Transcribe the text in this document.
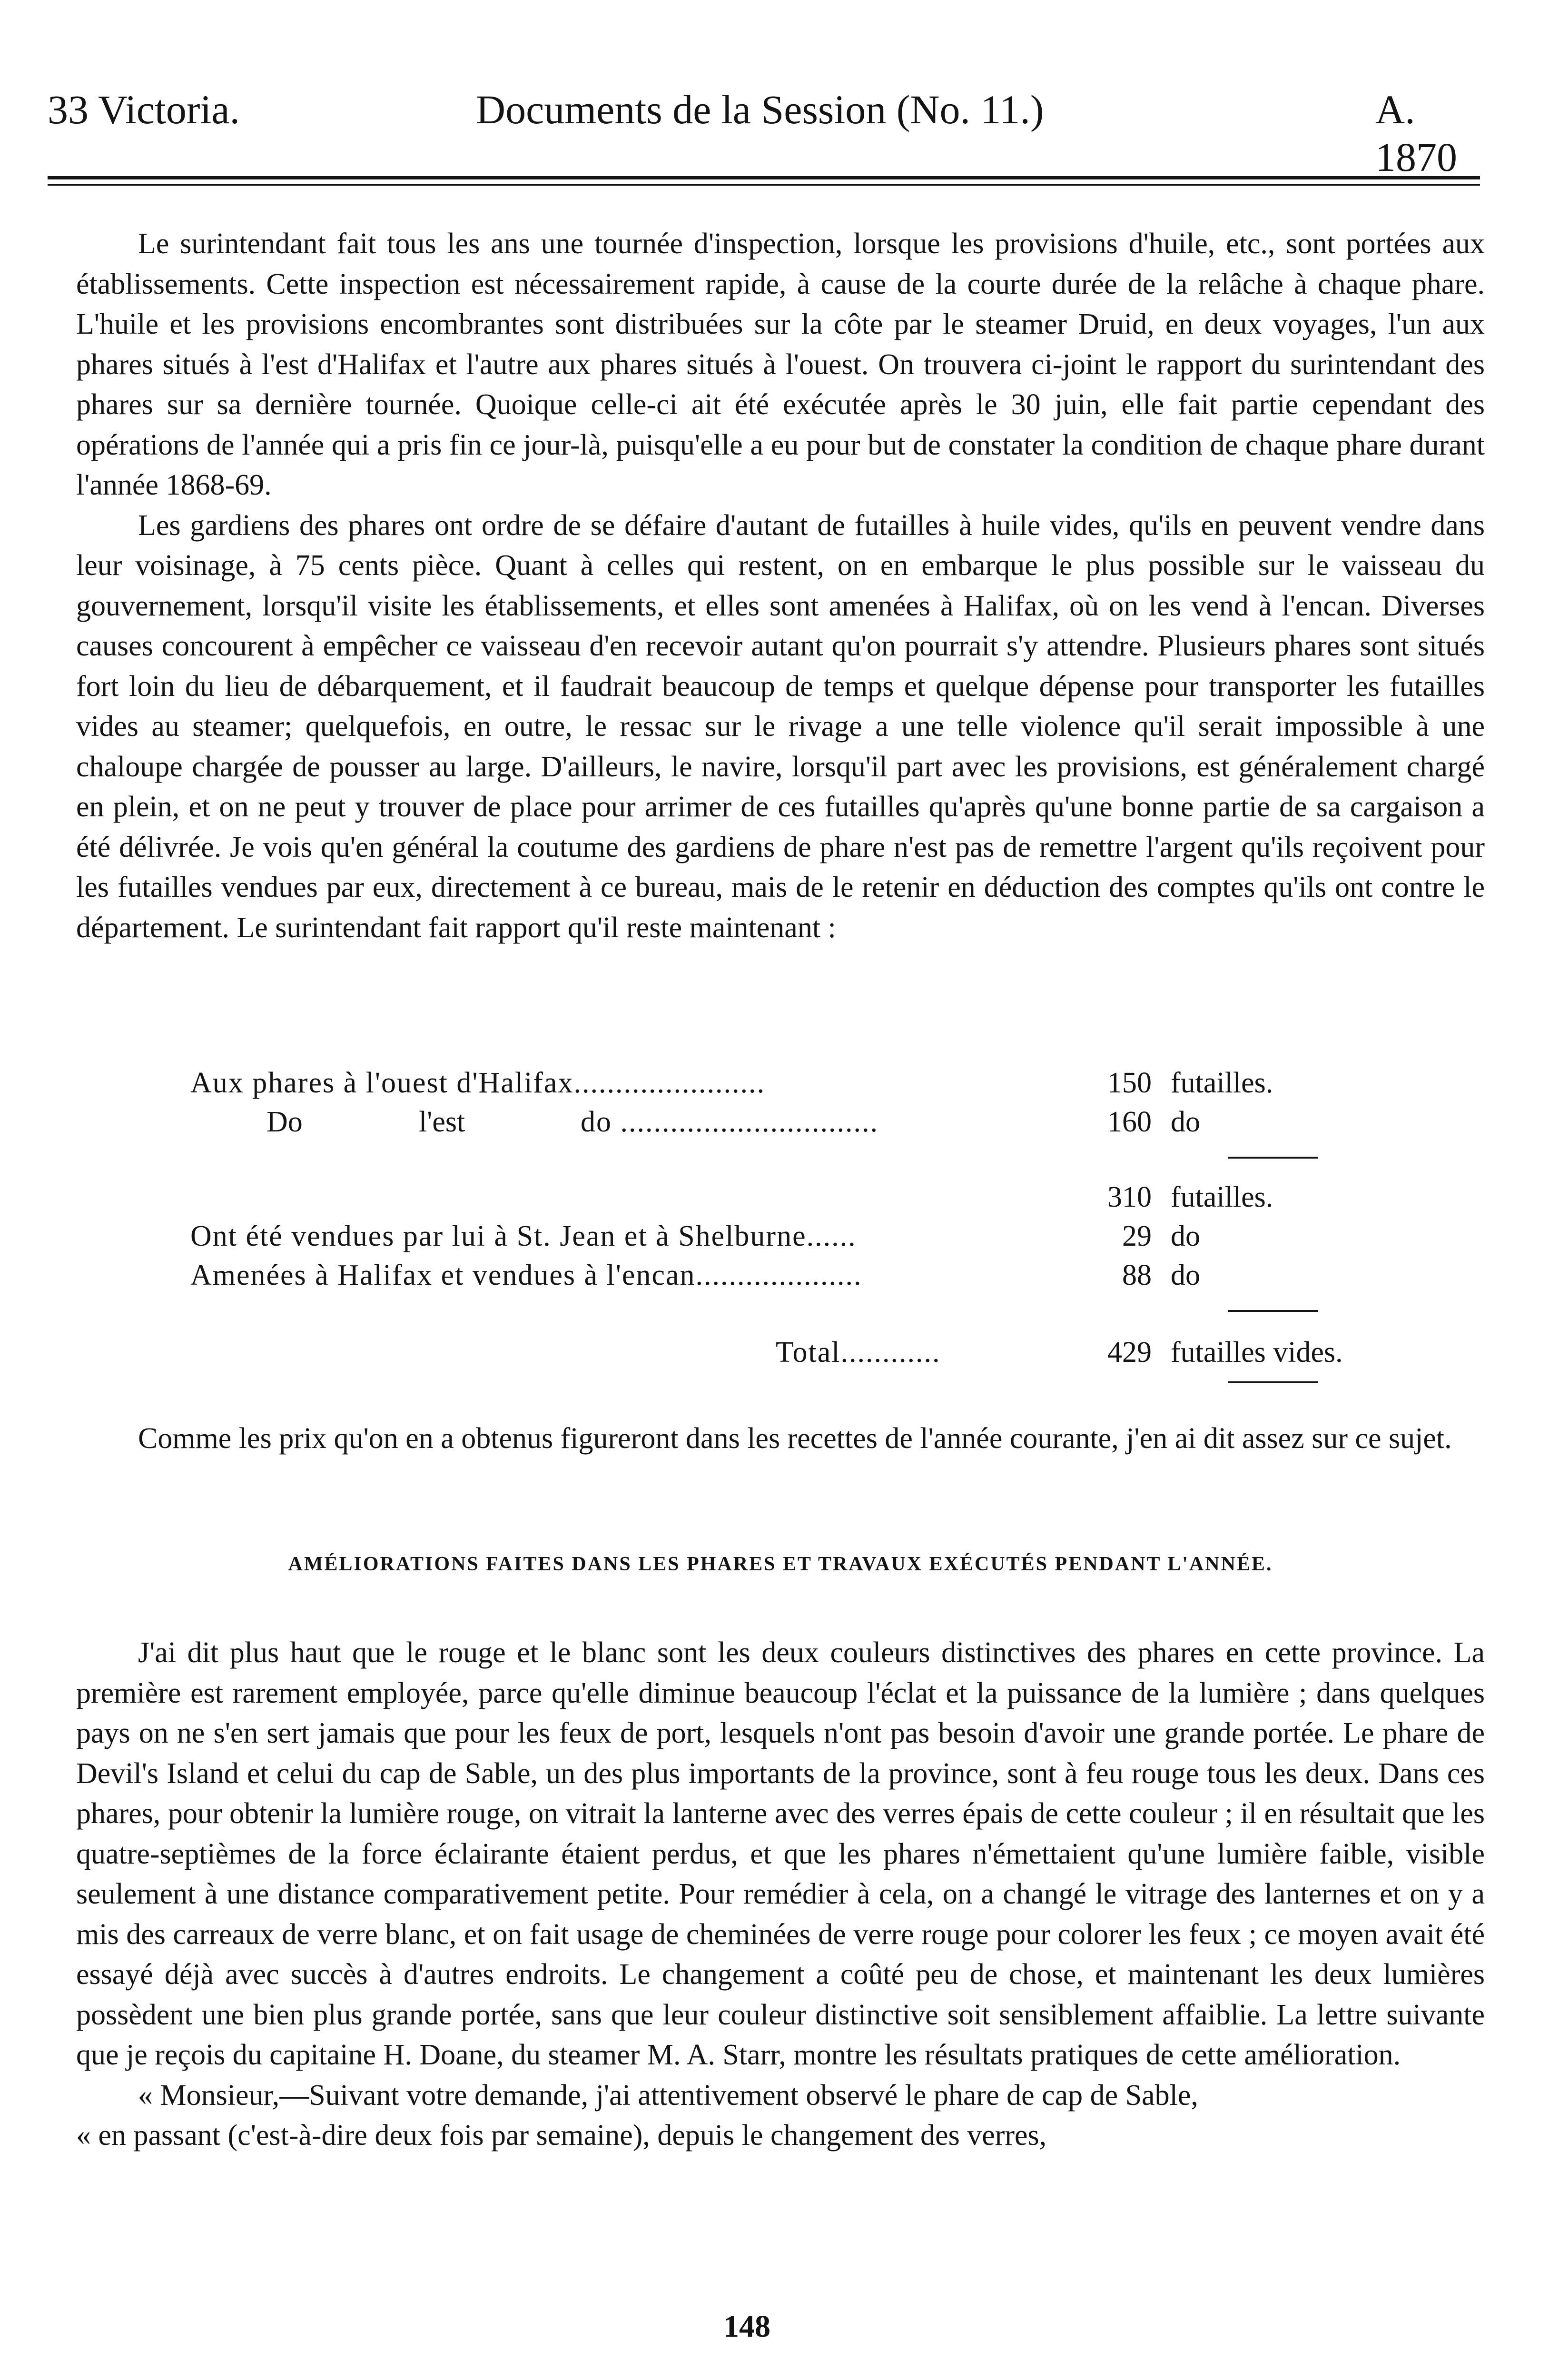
33 Victoria.	Documents de la Session (No. 11.)	A. 1870

Le surintendant fait tous les ans une tournée d'inspection, lorsque les provisions d'huile, etc., sont portées aux établissements. Cette inspection est nécessairement rapide, à cause de la courte durée de la relâche à chaque phare. L'huile et les provisions encombrantes sont distribuées sur la côte par le steamer Druid, en deux voyages, l'un aux phares situés à l'est d'Halifax et l'autre aux phares situés à l'ouest. On trouvera ci-joint le rapport du surintendant des phares sur sa dernière tournée. Quoique celle-ci ait été exécutée après le 30 juin, elle fait partie cependant des opérations de l'année qui a pris fin ce jour-là, puisqu'elle a eu pour but de constater la condition de chaque phare durant l'année 1868-69.

Les gardiens des phares ont ordre de se défaire d'autant de futailles à huile vides, qu'ils en peuvent vendre dans leur voisinage, à 75 cents pièce. Quant à celles qui restent, on en embarque le plus possible sur le vaisseau du gouvernement, lorsqu'il visite les établissements, et elles sont amenées à Halifax, où on les vend à l'encan. Diverses causes concourent à empêcher ce vaisseau d'en recevoir autant qu'on pourrait s'y attendre. Plusieurs phares sont situés fort loin du lieu de débarquement, et il faudrait beaucoup de temps et quelque dépense pour transporter les futailles vides au steamer; quelquefois, en outre, le ressac sur le rivage a une telle violence qu'il serait impossible à une chaloupe chargée de pousser au large. D'ailleurs, le navire, lorsqu'il part avec les provisions, est généralement chargé en plein, et on ne peut y trouver de place pour arrimer de ces futailles qu'après qu'une bonne partie de sa cargaison a été délivrée. Je vois qu'en général la coutume des gardiens de phare n'est pas de remettre l'argent qu'ils reçoivent pour les futailles vendues par eux, directement à ce bureau, mais de le retenir en déduction des comptes qu'ils ont contre le département. Le surintendant fait rapport qu'il reste maintenant :

Aux phares à l'ouest d'Halifax.......................	150 futailles.
Do	l'est	do ...............................	160 do
310 futailles.
Ont été vendues par lui à St. Jean et à Shelburne......	29 do
Amenées à Halifax et vendues à l'encan....................	88 do
Total............	429 futailles vides.

Comme les prix qu'on en a obtenus figureront dans les recettes de l'année courante, j'en ai dit assez sur ce sujet.

AMÉLIORATIONS FAITES DANS LES PHARES ET TRAVAUX EXÉCUTÉS PENDANT L'ANNÉE.

J'ai dit plus haut que le rouge et le blanc sont les deux couleurs distinctives des phares en cette province. La première est rarement employée, parce qu'elle diminue beaucoup l'éclat et la puissance de la lumière ; dans quelques pays on ne s'en sert jamais que pour les feux de port, lesquels n'ont pas besoin d'avoir une grande portée. Le phare de Devil's Island et celui du cap de Sable, un des plus importants de la province, sont à feu rouge tous les deux. Dans ces phares, pour obtenir la lumière rouge, on vitrait la lanterne avec des verres épais de cette couleur ; il en résultait que les quatre-septièmes de la force éclairante étaient perdus, et que les phares n'émettaient qu'une lumière faible, visible seulement à une distance comparativement petite. Pour remédier à cela, on a changé le vitrage des lanternes et on y a mis des carreaux de verre blanc, et on fait usage de cheminées de verre rouge pour colorer les feux ; ce moyen avait été essayé déjà avec succès à d'autres endroits. Le changement a coûté peu de chose, et maintenant les deux lumières possèdent une bien plus grande portée, sans que leur couleur distinctive soit sensiblement affaiblie. La lettre suivante que je reçois du capitaine H. Doane, du steamer M. A. Starr, montre les résultats pratiques de cette amélioration.

« Monsieur,—Suivant votre demande, j'ai attentivement observé le phare de cap de Sable,

« en passant (c'est-à-dire deux fois par semaine), depuis le changement des verres,

148
